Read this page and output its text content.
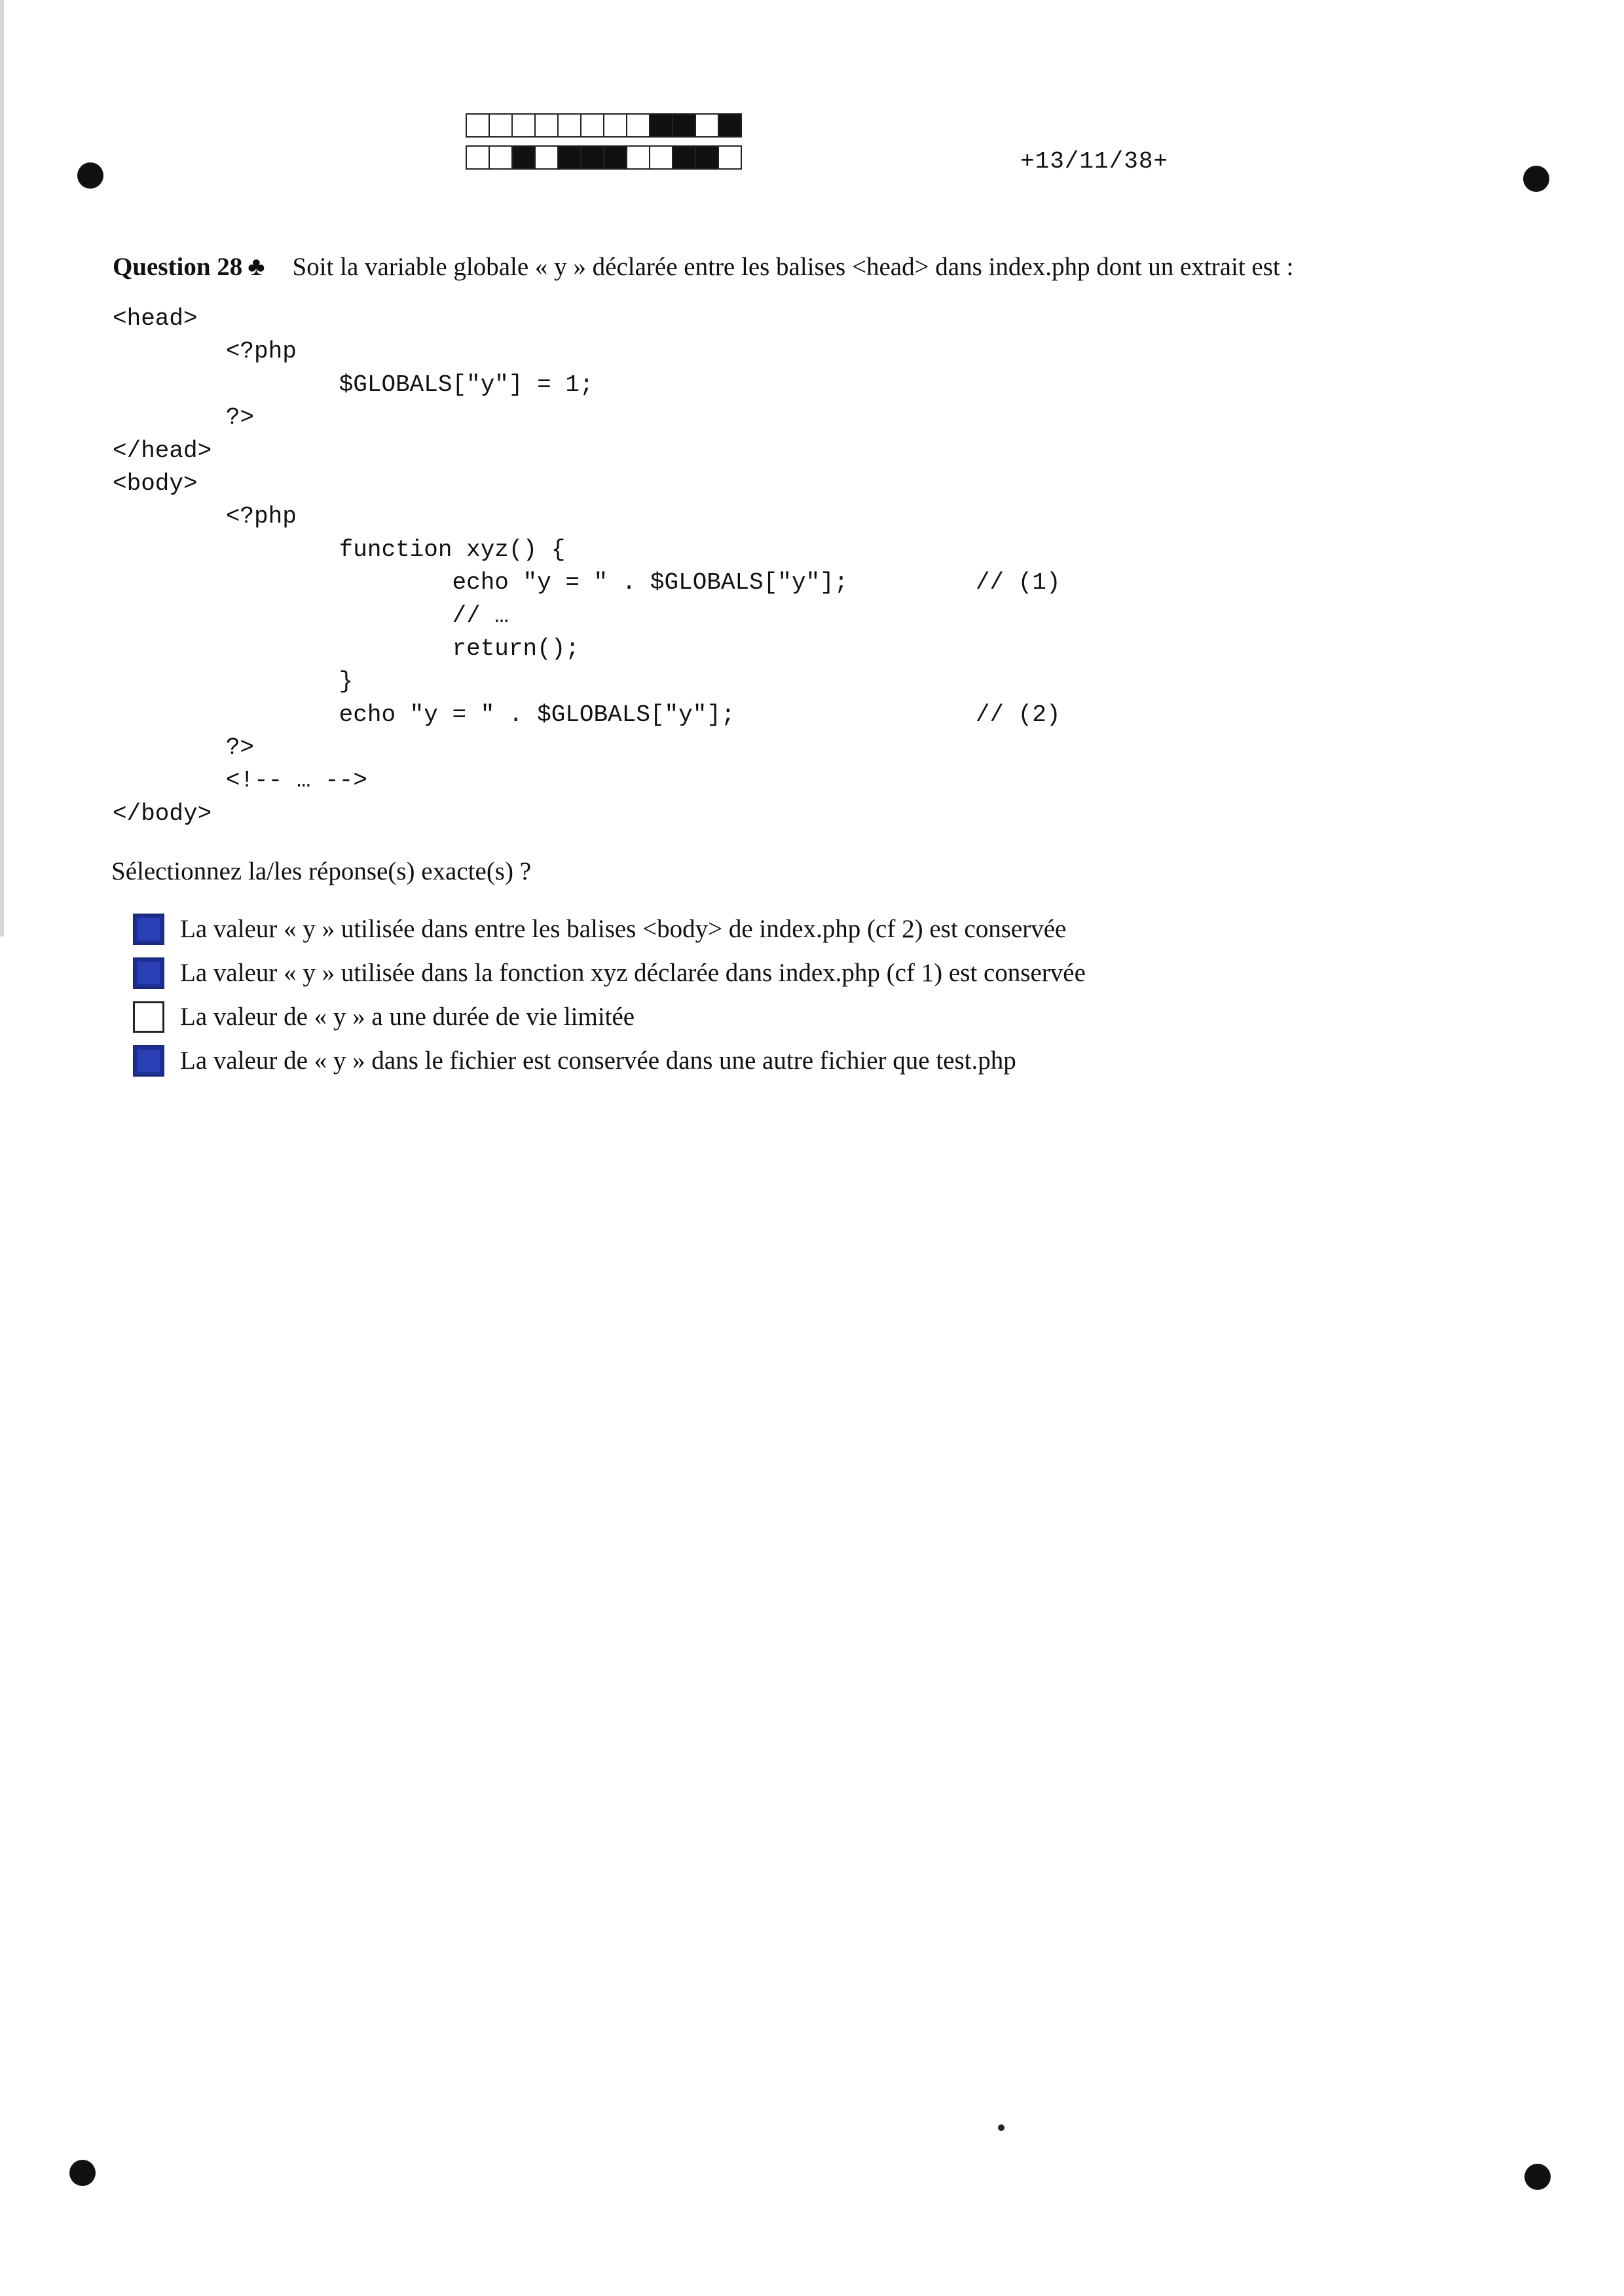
+13/11/38+
Question 28 ♣ Soit la variable globale « y » déclarée entre les balises <head> dans index.php dont un extrait est :
<head>
<?php
$GLOBALS["y"] = 1;
?>
</head>
<body>
<?php
function xyz() {
echo "y = " . $GLOBALS["y"];         // (1)
// …
return();
}
echo "y = " . $GLOBALS["y"];                 // (2)
?>
<!-- … -->
</body>
Sélectionnez la/les réponse(s) exacte(s) ?
La valeur « y » utilisée dans entre les balises <body> de index.php (cf 2) est conservée
La valeur « y » utilisée dans la fonction xyz déclarée dans index.php (cf 1) est conservée
La valeur de « y » a une durée de vie limitée
La valeur de « y » dans le fichier est conservée dans une autre fichier que test.php
